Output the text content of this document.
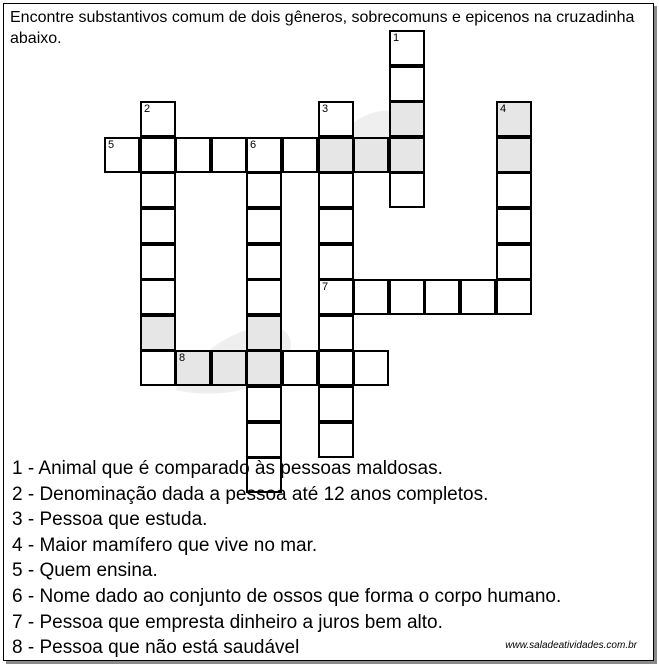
Encontre substantivos comum de dois gêneros, sobrecomuns e epicenos na cruzadinha abaixo.	1
2	3
7
4
5	6
8
1 - Animal que é comparado às pessoas maldosas.
2 - Denominação dada a pessoa até 12 anos completos.
3 - Pessoa que estuda.
4 - Maior mamífero que vive no mar.
5 - Quem ensina.
6 - Nome dado ao conjunto de ossos que forma o corpo humano.
7 - Pessoa que empresta dinheiro a juros bem alto.
8 - Pessoa que não está saudável	www.saladeatividades.com.br
